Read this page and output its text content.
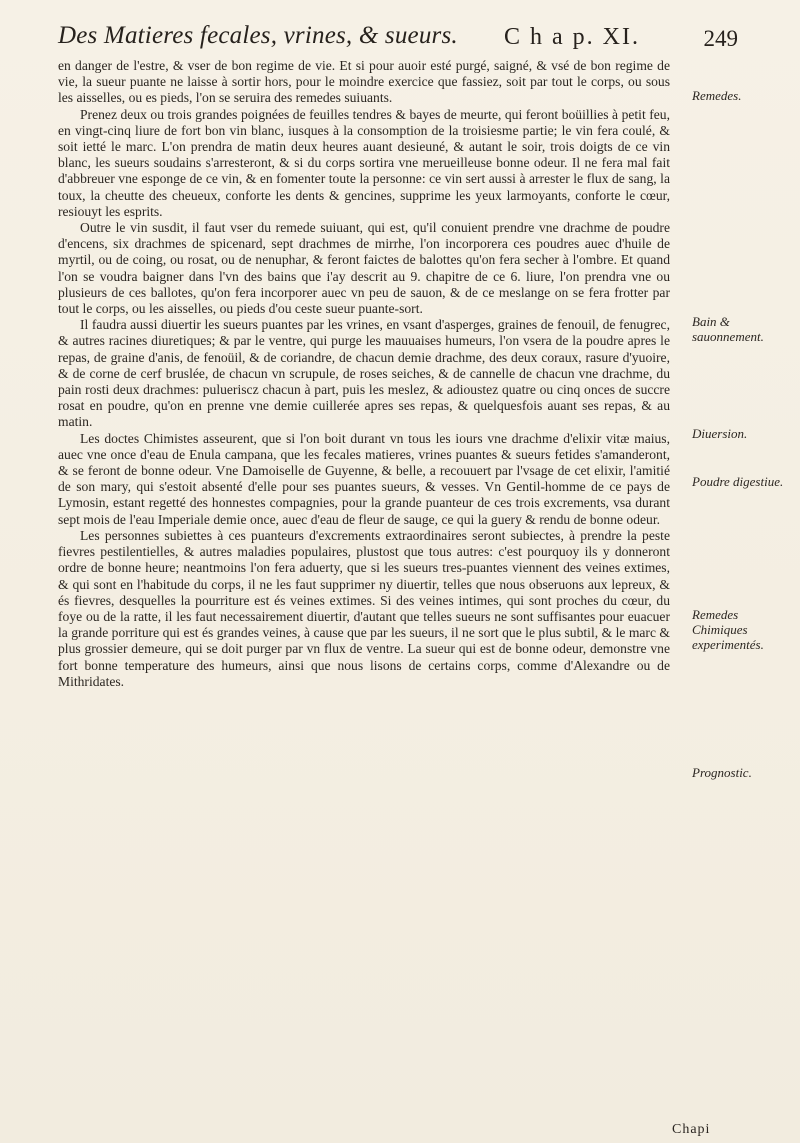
Des Matieres fecales, vrines, & sueurs. C h a p. XI.	249

en danger de l'estre, & vser de bon regime de vie. Et si pour auoir esté purgé, saigné, & vsé de bon regime de vie, la sueur puante ne laisse à sortir hors, pour le moindre exercice que fassiez, soit par tout le corps, ou sous les aisselles, ou es pieds, l'on se seruira des remedes suiuants.

Prenez deux ou trois grandes poignées de feuilles tendres & bayes de meurte, qui feront boüillies à petit feu, en vingt-cinq liure de fort bon vin blanc, iusques à la consomption de la troisiesme partie; le vin fera coulé, & soit ietté le marc. L'on prendra de matin deux heures auant desieuné, & autant le soir, trois doigts de ce vin blanc, les sueurs soudains s'arresteront, & si du corps sortira vne merueilleuse bonne odeur. Il ne fera mal fait d'abbreuer vne esponge de ce vin, & en fomenter toute la personne: ce vin sert aussi à arrester le flux de sang, la toux, la cheutte des cheueux, conforte les dents & gencines, supprime les yeux larmoyants, conforte le cœur, resiouyt les esprits.

Outre le vin susdit, il faut vser du remede suiuant, qui est, qu'il conuient prendre vne drachme de poudre d'encens, six drachmes de spicenard, sept drachmes de mirrhe, l'on incorporera ces poudres auec d'huile de myrtil, ou de coing, ou rosat, ou de nenuphar, & feront faictes de balottes qu'on fera secher à l'ombre. Et quand l'on se voudra baigner dans l'vn des bains que i'ay descrit au 9. chapitre de ce 6. liure, l'on prendra vne ou plusieurs de ces ballotes, qu'on fera incorporer auec vn peu de sauon, & de ce meslange on se fera frotter par tout le corps, ou les aisselles, ou pieds d'ou ceste sueur puante-sort.

Il faudra aussi diuertir les sueurs puantes par les vrines, en vsant d'asperges, graines de fenouil, de fenugrec, & autres racines diuretiques; & par le ventre, qui purge les mauuaises humeurs, l'on vsera de la poudre apres le repas, de graine d'anis, de fenoüil, & de coriandre, de chacun demie drachme, des deux coraux, rasure d'yuoire, & de corne de cerf bruslée, de chacun vn scrupule, de roses seiches, & de cannelle de chacun vne drachme, du pain rosti deux drachmes: pulueriscz chacun à part, puis les meslez, & adioustez quatre ou cinq onces de succre rosat en poudre, qu'on en prenne vne demie cuillerée apres ses repas, & quelquesfois auant ses repas, & au matin.

Les doctes Chimistes asseurent, que si l'on boit durant vn tous les iours vne drachme d'elixir vitæ maius, auec vne once d'eau de Enula campana, que les fecales matieres, vrines puantes & sueurs fetides s'amanderont, & se feront de bonne odeur. Vne Damoiselle de Guyenne, & belle, a recouuert par l'vsage de cet elixir, l'amitié de son mary, qui s'estoit absenté d'elle pour ses puantes sueurs, & vesses. Vn Gentil-homme de ce pays de Lymosin, estant regetté des honnestes compagnies, pour la grande puanteur de ces trois excrements, vsa durant sept mois de l'eau Imperiale demie once, auec d'eau de fleur de sauge, ce qui la guery & rendu de bonne odeur.

Les personnes subiettes à ces puanteurs d'excrements extraordinaires seront subiectes, à prendre la peste fievres pestilentielles, & autres maladies populaires, plustost que tous autres: c'est pourquoy ils y donneront ordre de bonne heure; neantmoins l'on fera aduerty, que si les sueurs tres-puantes viennent des veines extimes, & qui sont en l'habitude du corps, il ne les faut supprimer ny diuertir, telles que nous obseruons aux lepreux, & és fievres, desquelles la pourriture est és veines extimes. Si des veines intimes, qui sont proches du cœur, du foye ou de la ratte, il les faut necessairement diuertir, d'autant que telles sueurs ne sont suffisantes pour euacuer la grande porriture qui est és grandes veines, à cause que par les sueurs, il ne sort que le plus subtil, & le marc & plus grossier demeure, qui se doit purger par vn flux de ventre. La sueur qui est de bonne odeur, demonstre vne fort bonne temperature des humeurs, ainsi que nous lisons de certains corps, comme d'Alexandre ou de Mithridates.

Remedes.
Bain & sauonnement.
Diuersion.
Poudre digestiue.
Remedes Chimiques experimentés.
Prognostic.
Chapi
